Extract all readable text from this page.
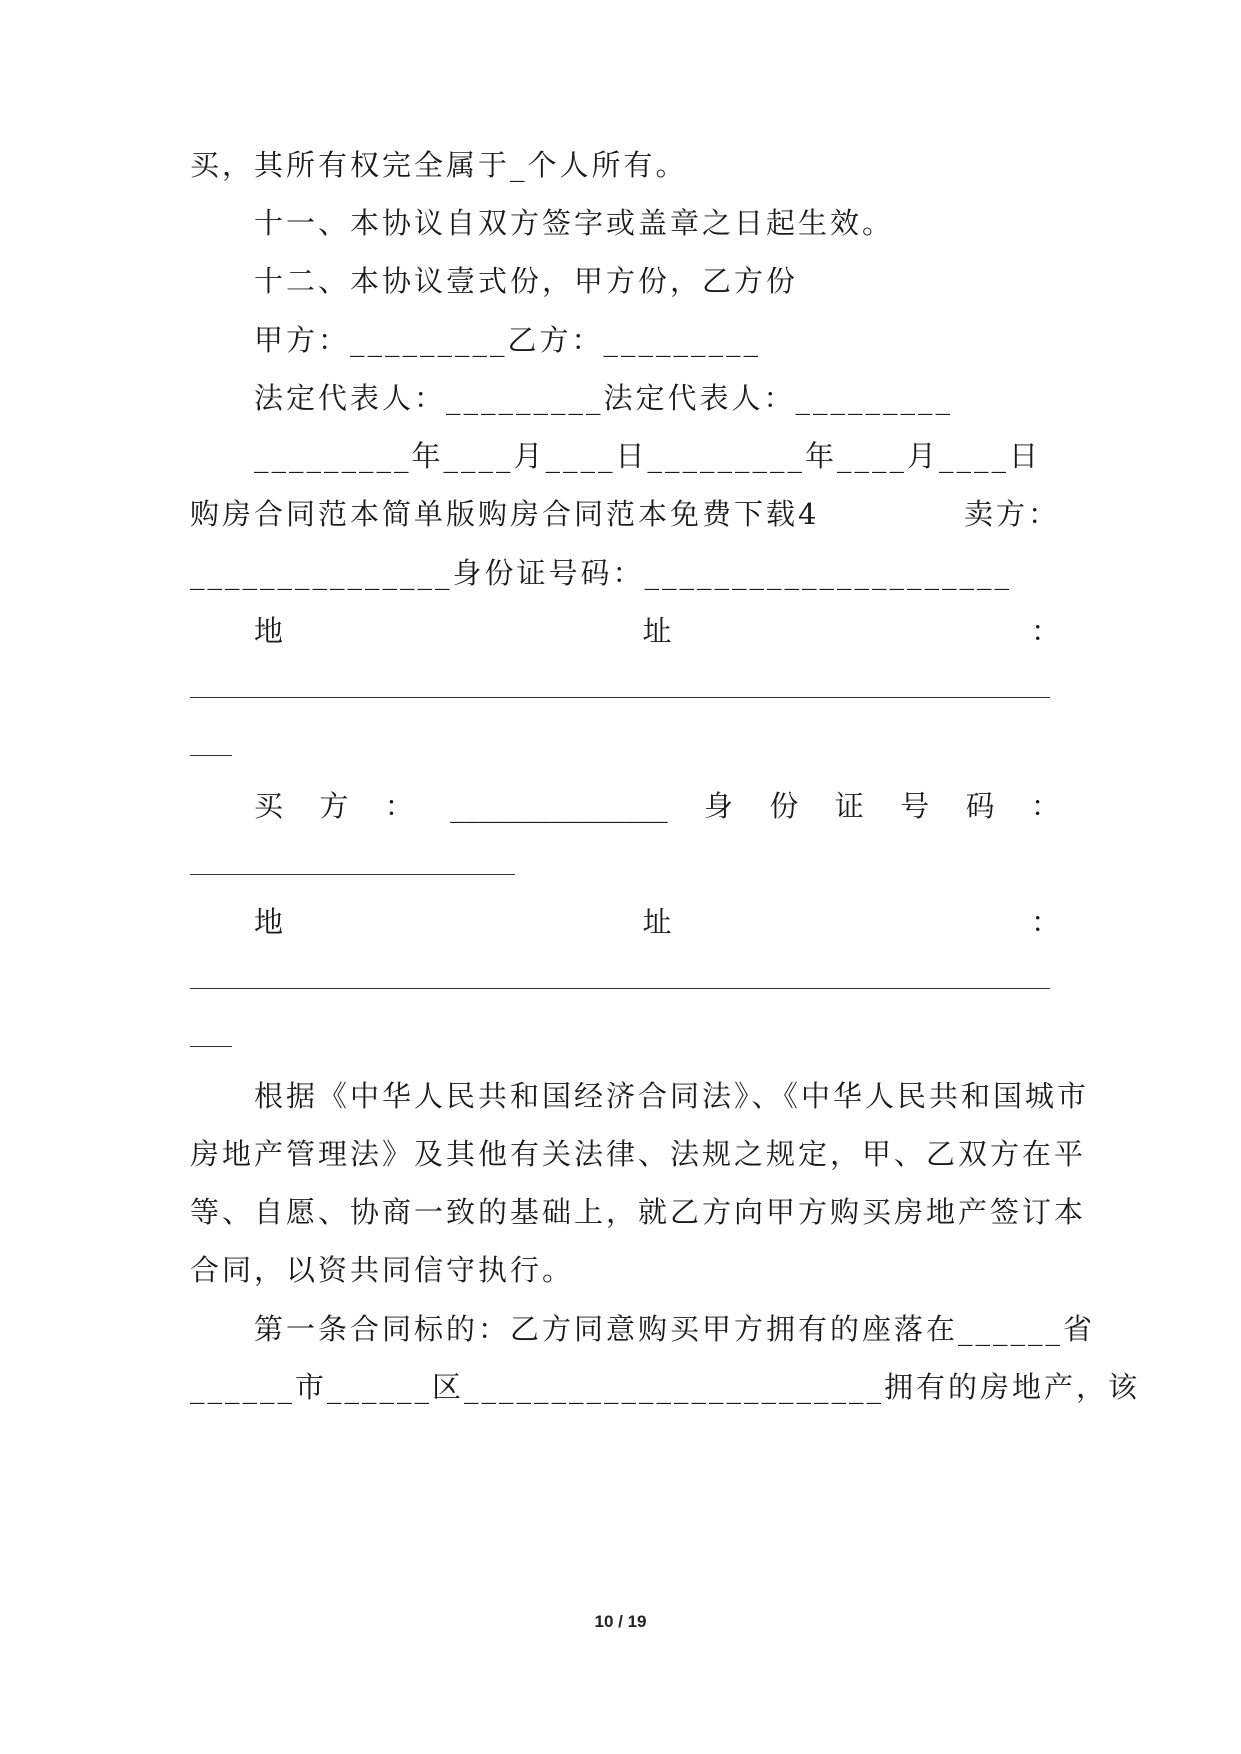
买，其所有权完全属于_个人所有。
十一、本协议自双方签字或盖章之日起生效。
十二、本协议壹式份，甲方份，乙方份
甲方：_________乙方：_________
法定代表人：_________法定代表人：_________
_________年____月____日_________年____月____日
购房合同范本简单版购房合同范本免费下载4	卖方：
_______________身份证号码：_____________________
地	址	：
买 方 ： _______________ 身 份 证 号 码 ：
地	址	：
根据《中华人民共和国经济合同法》、《中华人民共和国城市
房地产管理法》及其他有关法律、法规之规定，甲、乙双方在平
等、自愿、协商一致的基础上，就乙方向甲方购买房地产签订本
合同，以资共同信守执行。
第一条合同标的：乙方同意购买甲方拥有的座落在______省
______市______区________________________拥有的房地产，该
10 / 19
